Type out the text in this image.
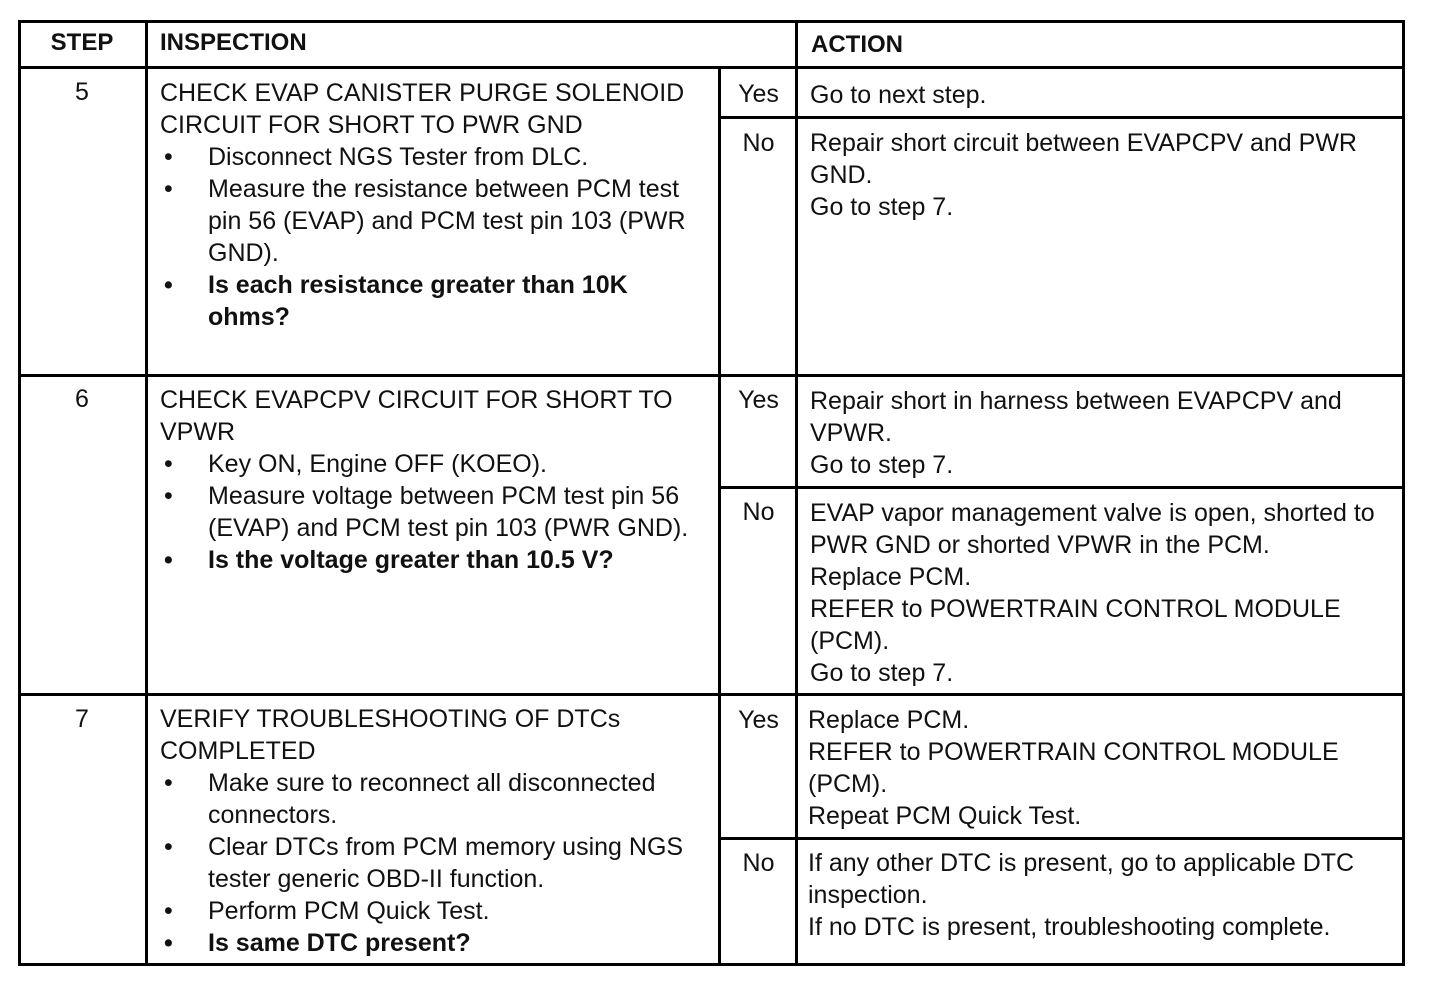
STEP	INSPECTION	ACTION
5	CHECK EVAP CANISTER PURGE SOLENOID CIRCUIT FOR SHORT TO PWR GND
• Disconnect NGS Tester from DLC.
• Measure the resistance between PCM test pin 56 (EVAP) and PCM test pin 103 (PWR GND).
• Is each resistance greater than 10K ohms?
Yes	Go to next step.
No	Repair short circuit between EVAPCPV and PWR GND.
Go to step 7.
6	CHECK EVAPCPV CIRCUIT FOR SHORT TO VPWR
• Key ON, Engine OFF (KOEO).
• Measure voltage between PCM test pin 56 (EVAP) and PCM test pin 103 (PWR GND).
• Is the voltage greater than 10.5 V?
Yes	Repair short in harness between EVAPCPV and VPWR.
Go to step 7.
No	EVAP vapor management valve is open, shorted to PWR GND or shorted VPWR in the PCM.
Replace PCM.
REFER to POWERTRAIN CONTROL MODULE (PCM).
Go to step 7.
7	VERIFY TROUBLESHOOTING OF DTCs COMPLETED
• Make sure to reconnect all disconnected connectors.
• Clear DTCs from PCM memory using NGS tester generic OBD-II function.
• Perform PCM Quick Test.
• Is same DTC present?
Yes	Replace PCM.
REFER to POWERTRAIN CONTROL MODULE (PCM).
Repeat PCM Quick Test.
No	If any other DTC is present, go to applicable DTC inspection.
If no DTC is present, troubleshooting complete.
